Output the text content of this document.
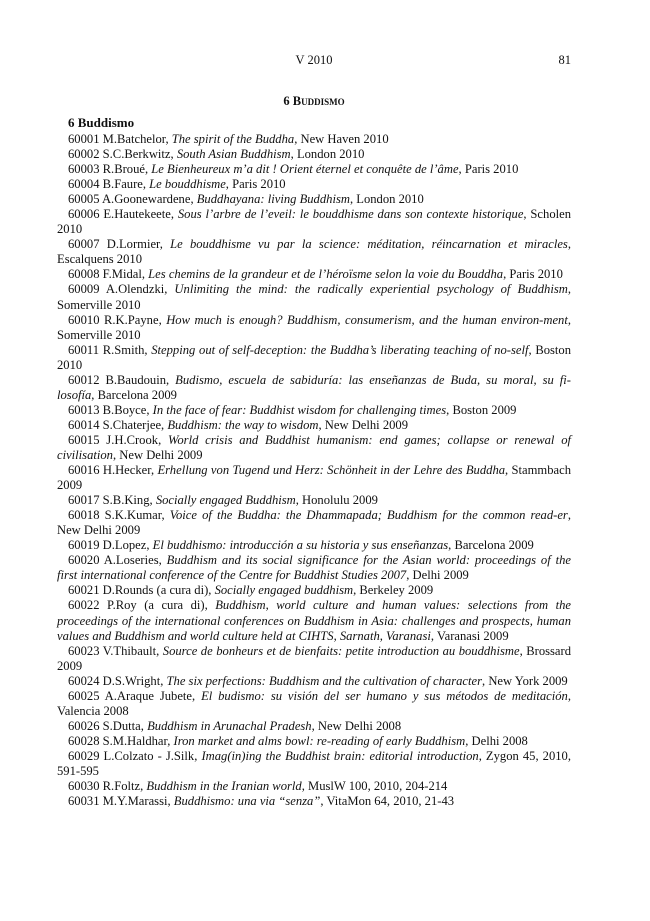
V 2010	81
6 Buddismo
6 Buddismo

60001 M.Batchelor, The spirit of the Buddha, New Haven 2010

60002 S.C.Berkwitz, South Asian Buddhism, London 2010

60003 R.Broué, Le Bienheureux m’a dit ! Orient éternel et conquête de l’âme, Paris 2010

60004 B.Faure, Le bouddhisme, Paris 2010

60005 A.Goonewardene, Buddhayana: living Buddhism, London 2010

60006 E.Hautekeete, Sous l’arbre de l’eveil: le bouddhisme dans son contexte historique, Scholen 2010

60007 D.Lormier, Le bouddhisme vu par la science: méditation, réincarnation et miracles, Escalquens 2010

60008 F.Midal, Les chemins de la grandeur et de l’héroïsme selon la voie du Bouddha, Paris 2010

60009 A.Olendzki, Unlimiting the mind: the radically experiential psychology of Buddhism, Somerville 2010

60010 R.K.Payne, How much is enough? Buddhism, consumerism, and the human environ-ment, Somerville 2010

60011 R.Smith, Stepping out of self-deception: the Buddha’s liberating teaching of no-self, Boston 2010

60012 B.Baudouin, Budismo, escuela de sabiduría: las enseñanzas de Buda, su moral, su fi-losofía, Barcelona 2009

60013 B.Boyce, In the face of fear: Buddhist wisdom for challenging times, Boston 2009

60014 S.Chaterjee, Buddhism: the way to wisdom, New Delhi 2009

60015 J.H.Crook, World crisis and Buddhist humanism: end games; collapse or renewal of civilisation, New Delhi 2009

60016 H.Hecker, Erhellung von Tugend und Herz: Schönheit in der Lehre des Buddha, Stammbach 2009

60017 S.B.King, Socially engaged Buddhism, Honolulu 2009

60018 S.K.Kumar, Voice of the Buddha: the Dhammapada; Buddhism for the common read-er, New Delhi 2009

60019 D.Lopez, El buddhismo: introducción a su historia y sus enseñanzas, Barcelona 2009

60020 A.Loseries, Buddhism and its social significance for the Asian world: proceedings of the first international conference of the Centre for Buddhist Studies 2007, Delhi 2009

60021 D.Rounds (a cura di), Socially engaged buddhism, Berkeley 2009

60022 P.Roy (a cura di), Buddhism, world culture and human values: selections from the proceedings of the international conferences on Buddhism in Asia: challenges and prospects, human values and Buddhism and world culture held at CIHTS, Sarnath, Varanasi, Varanasi 2009

60023 V.Thibault, Source de bonheurs et de bienfaits: petite introduction au bouddhisme, Brossard 2009

60024 D.S.Wright, The six perfections: Buddhism and the cultivation of character, New York 2009

60025 A.Araque Jubete, El budismo: su visión del ser humano y sus métodos de meditación, Valencia 2008

60026 S.Dutta, Buddhism in Arunachal Pradesh, New Delhi 2008

60028 S.M.Haldhar, Iron market and alms bowl: re-reading of early Buddhism, Delhi 2008

60029 L.Colzato - J.Silk, Imag(in)ing the Buddhist brain: editorial introduction, Zygon 45, 2010, 591-595

60030 R.Foltz, Buddhism in the Iranian world, MuslW 100, 2010, 204-214

60031 M.Y.Marassi, Buddhismo: una via “senza”, VitaMon 64, 2010, 21-43
